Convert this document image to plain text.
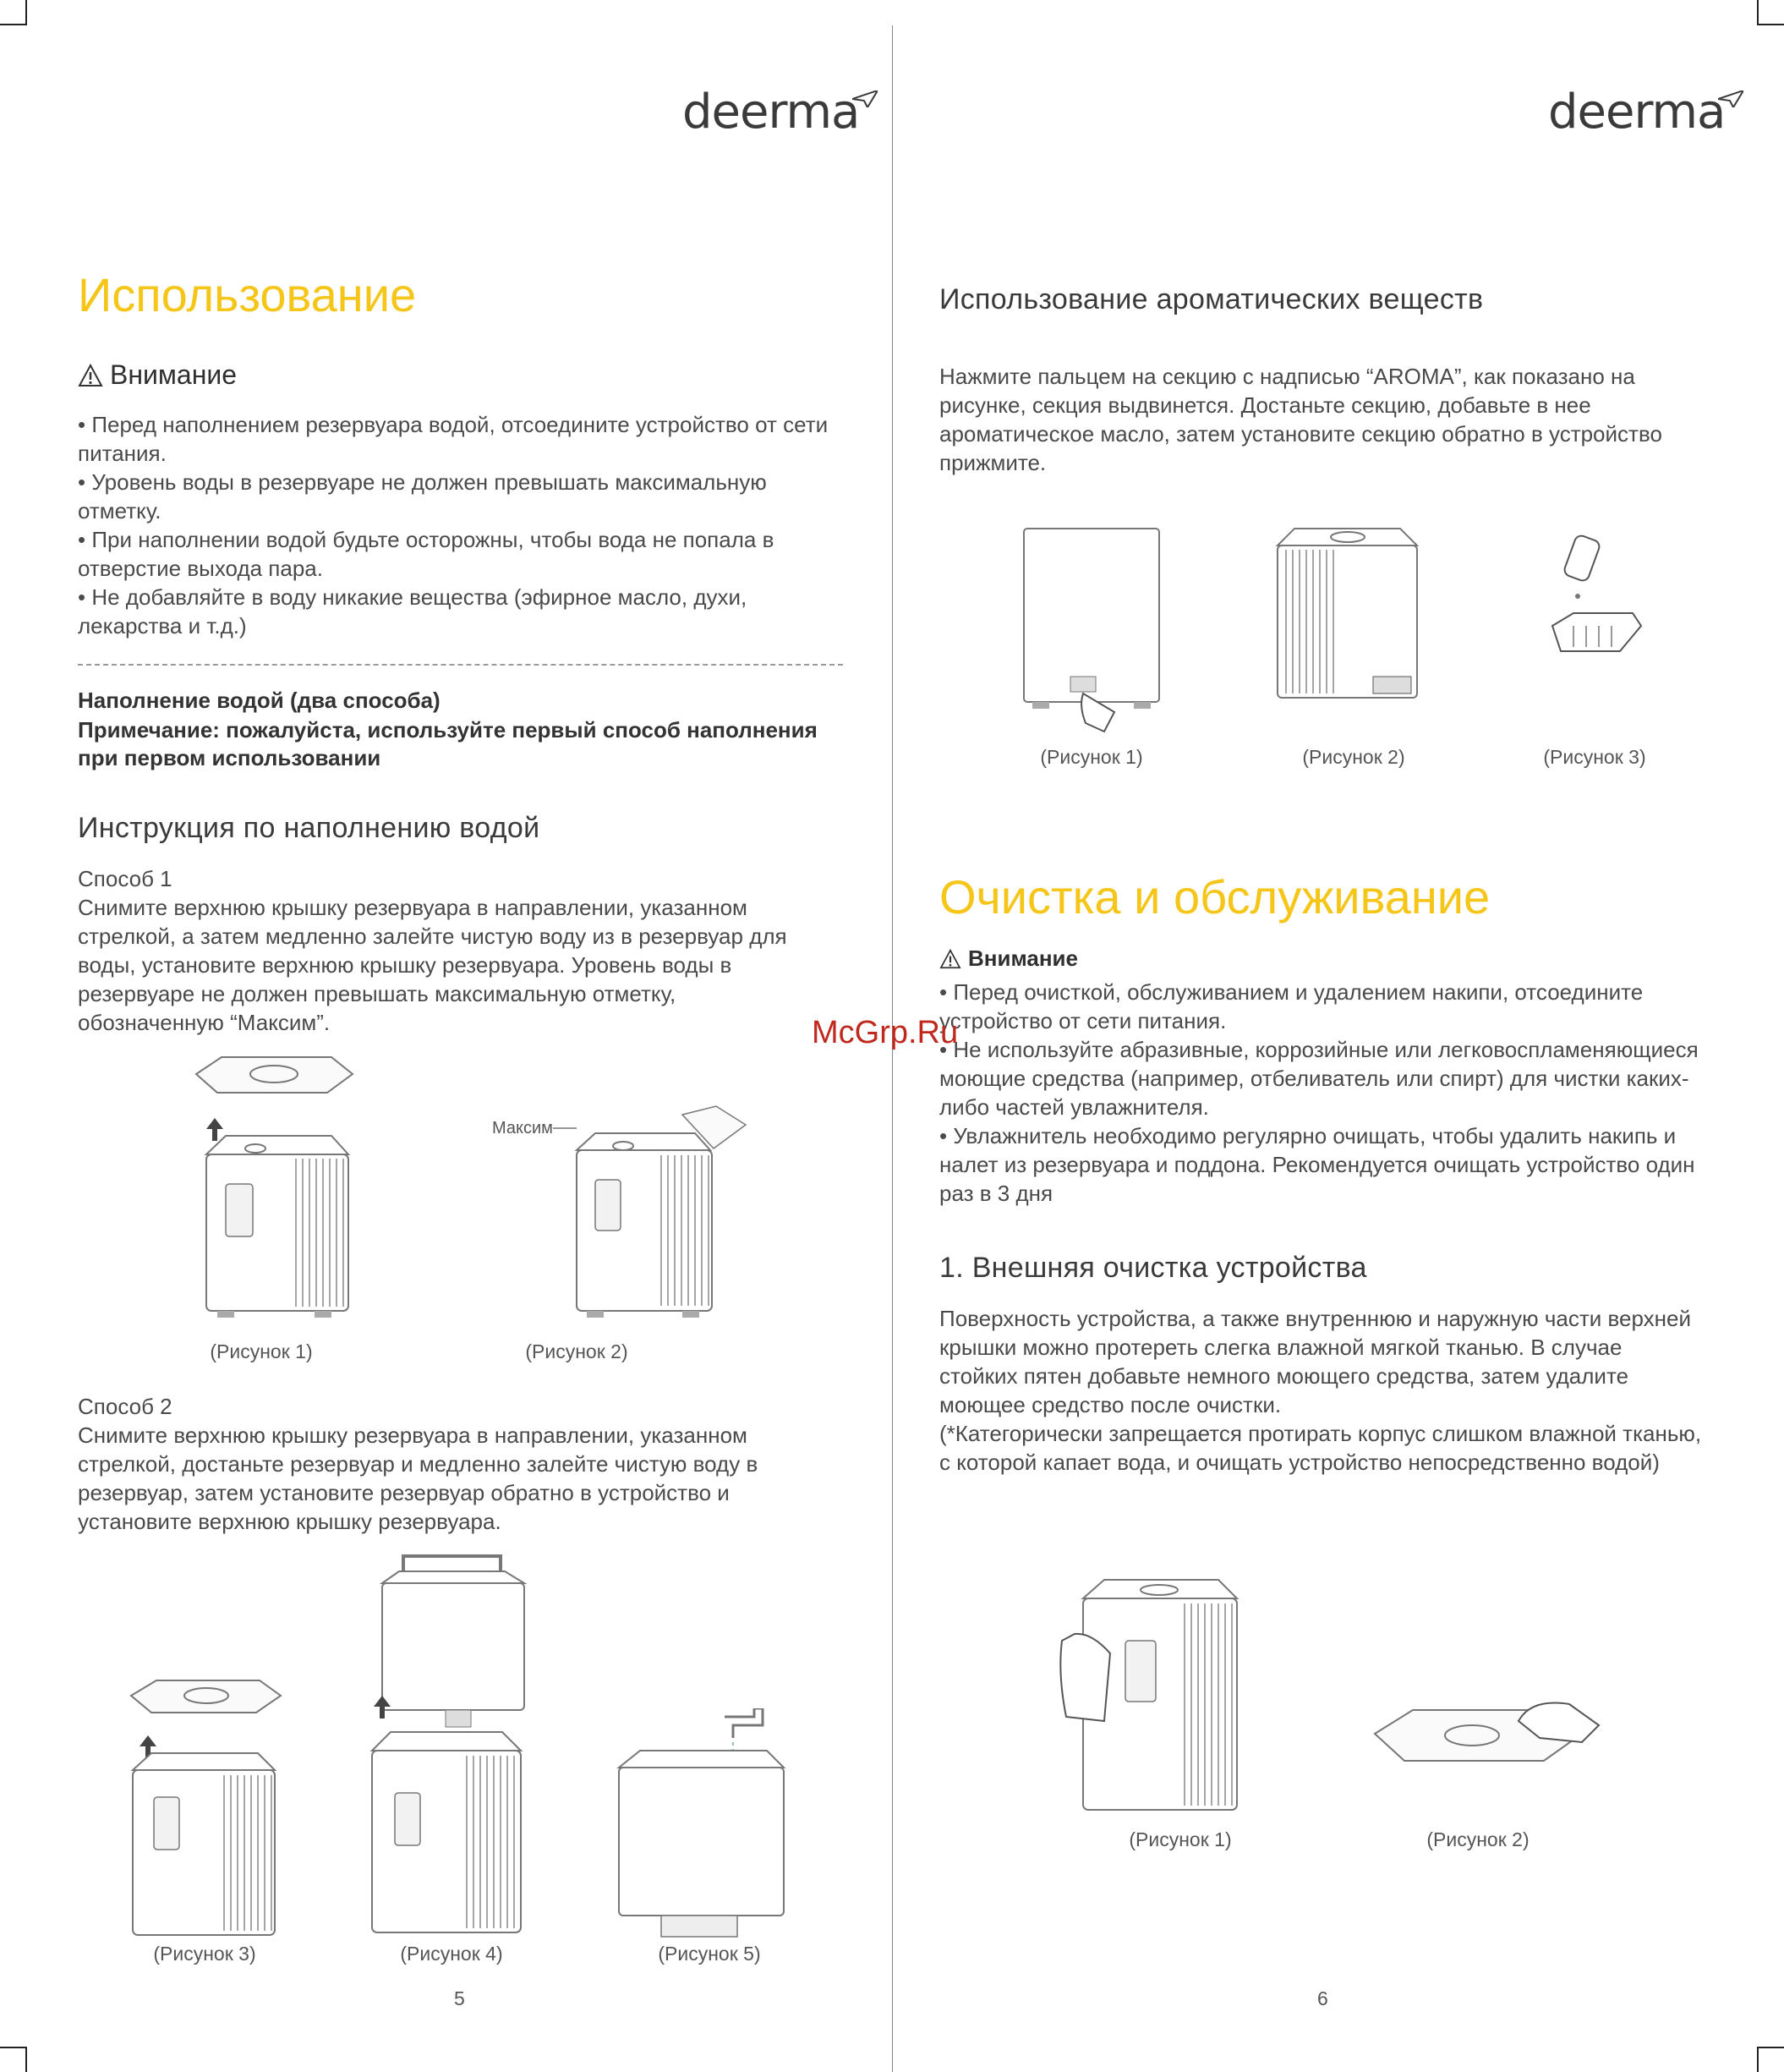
deerma
Использование
Внимание
• Перед наполнением резервуара водой, отсоедините устройство от сети питания.
• Уровень воды в резервуаре не должен превышать максимальную отметку.
• При наполнении водой будьте осторожны, чтобы вода не попала в отверстие выхода пара.
• Не добавляйте в воду никакие вещества (эфирное масло, духи, лекарства и т.д.)

Наполнение водой (два способа)

Примечание: пожалуйста, используйте первый способ наполнения при первом использовании

Инструкция по наполнению водой

Способ 1

Снимите верхнюю крышку резервуара в направлении, указанном стрелкой, а затем медленно залейте чистую воду из в резервуар для воды, установите верхнюю крышку резервуара. Уровень воды в резервуаре не должен превышать максимальную отметку, обозначенную “Максим”.

Максим
(Рисунок 1)	(Рисунок 2)

Способ 2

Снимите верхнюю крышку резервуара в направлении, указанном стрелкой, достаньте резервуар и медленно залейте чистую воду в резервуар, затем установите резервуар обратно в устройство и установите верхнюю крышку резервуара.

(Рисунок 3)	(Рисунок 4)	(Рисунок 5)
5
deerma
Использование ароматических веществ

Нажмите пальцем на секцию с надписью “AROMA”, как показано на рисунке, секция выдвинется. Достаньте секцию, добавьте в нее ароматическое масло, затем установите секцию обратно в устройство прижмите.

(Рисунок 1)	(Рисунок 2)	(Рисунок 3)
Очистка и обслуживание
Внимание
• Перед очисткой, обслуживанием и удалением накипи, отсоедините устройство от сети питания.
• Не используйте абразивные, коррозийные или легковоспламеняющиеся моющие средства (например, отбеливатель или спирт) для чистки каких-либо частей увлажнителя.
• Увлажнитель необходимо регулярно очищать, чтобы удалить накипь и налет из резервуара и поддона. Рекомендуется очищать устройство один раз в 3 дня
1. Внешняя очистка устройства

Поверхность устройства, а также внутреннюю и наружную части верхней крышки можно протереть слегка влажной мягкой тканью. В случае стойких пятен добавьте немного моющего средства, затем удалите моющее средство после очистки.

(*Категорически запрещается протирать корпус слишком влажной тканью, с которой капает вода, и очищать устройство непосредственно водой)

(Рисунок 1)	(Рисунок 2)
6
McGrp.Ru
